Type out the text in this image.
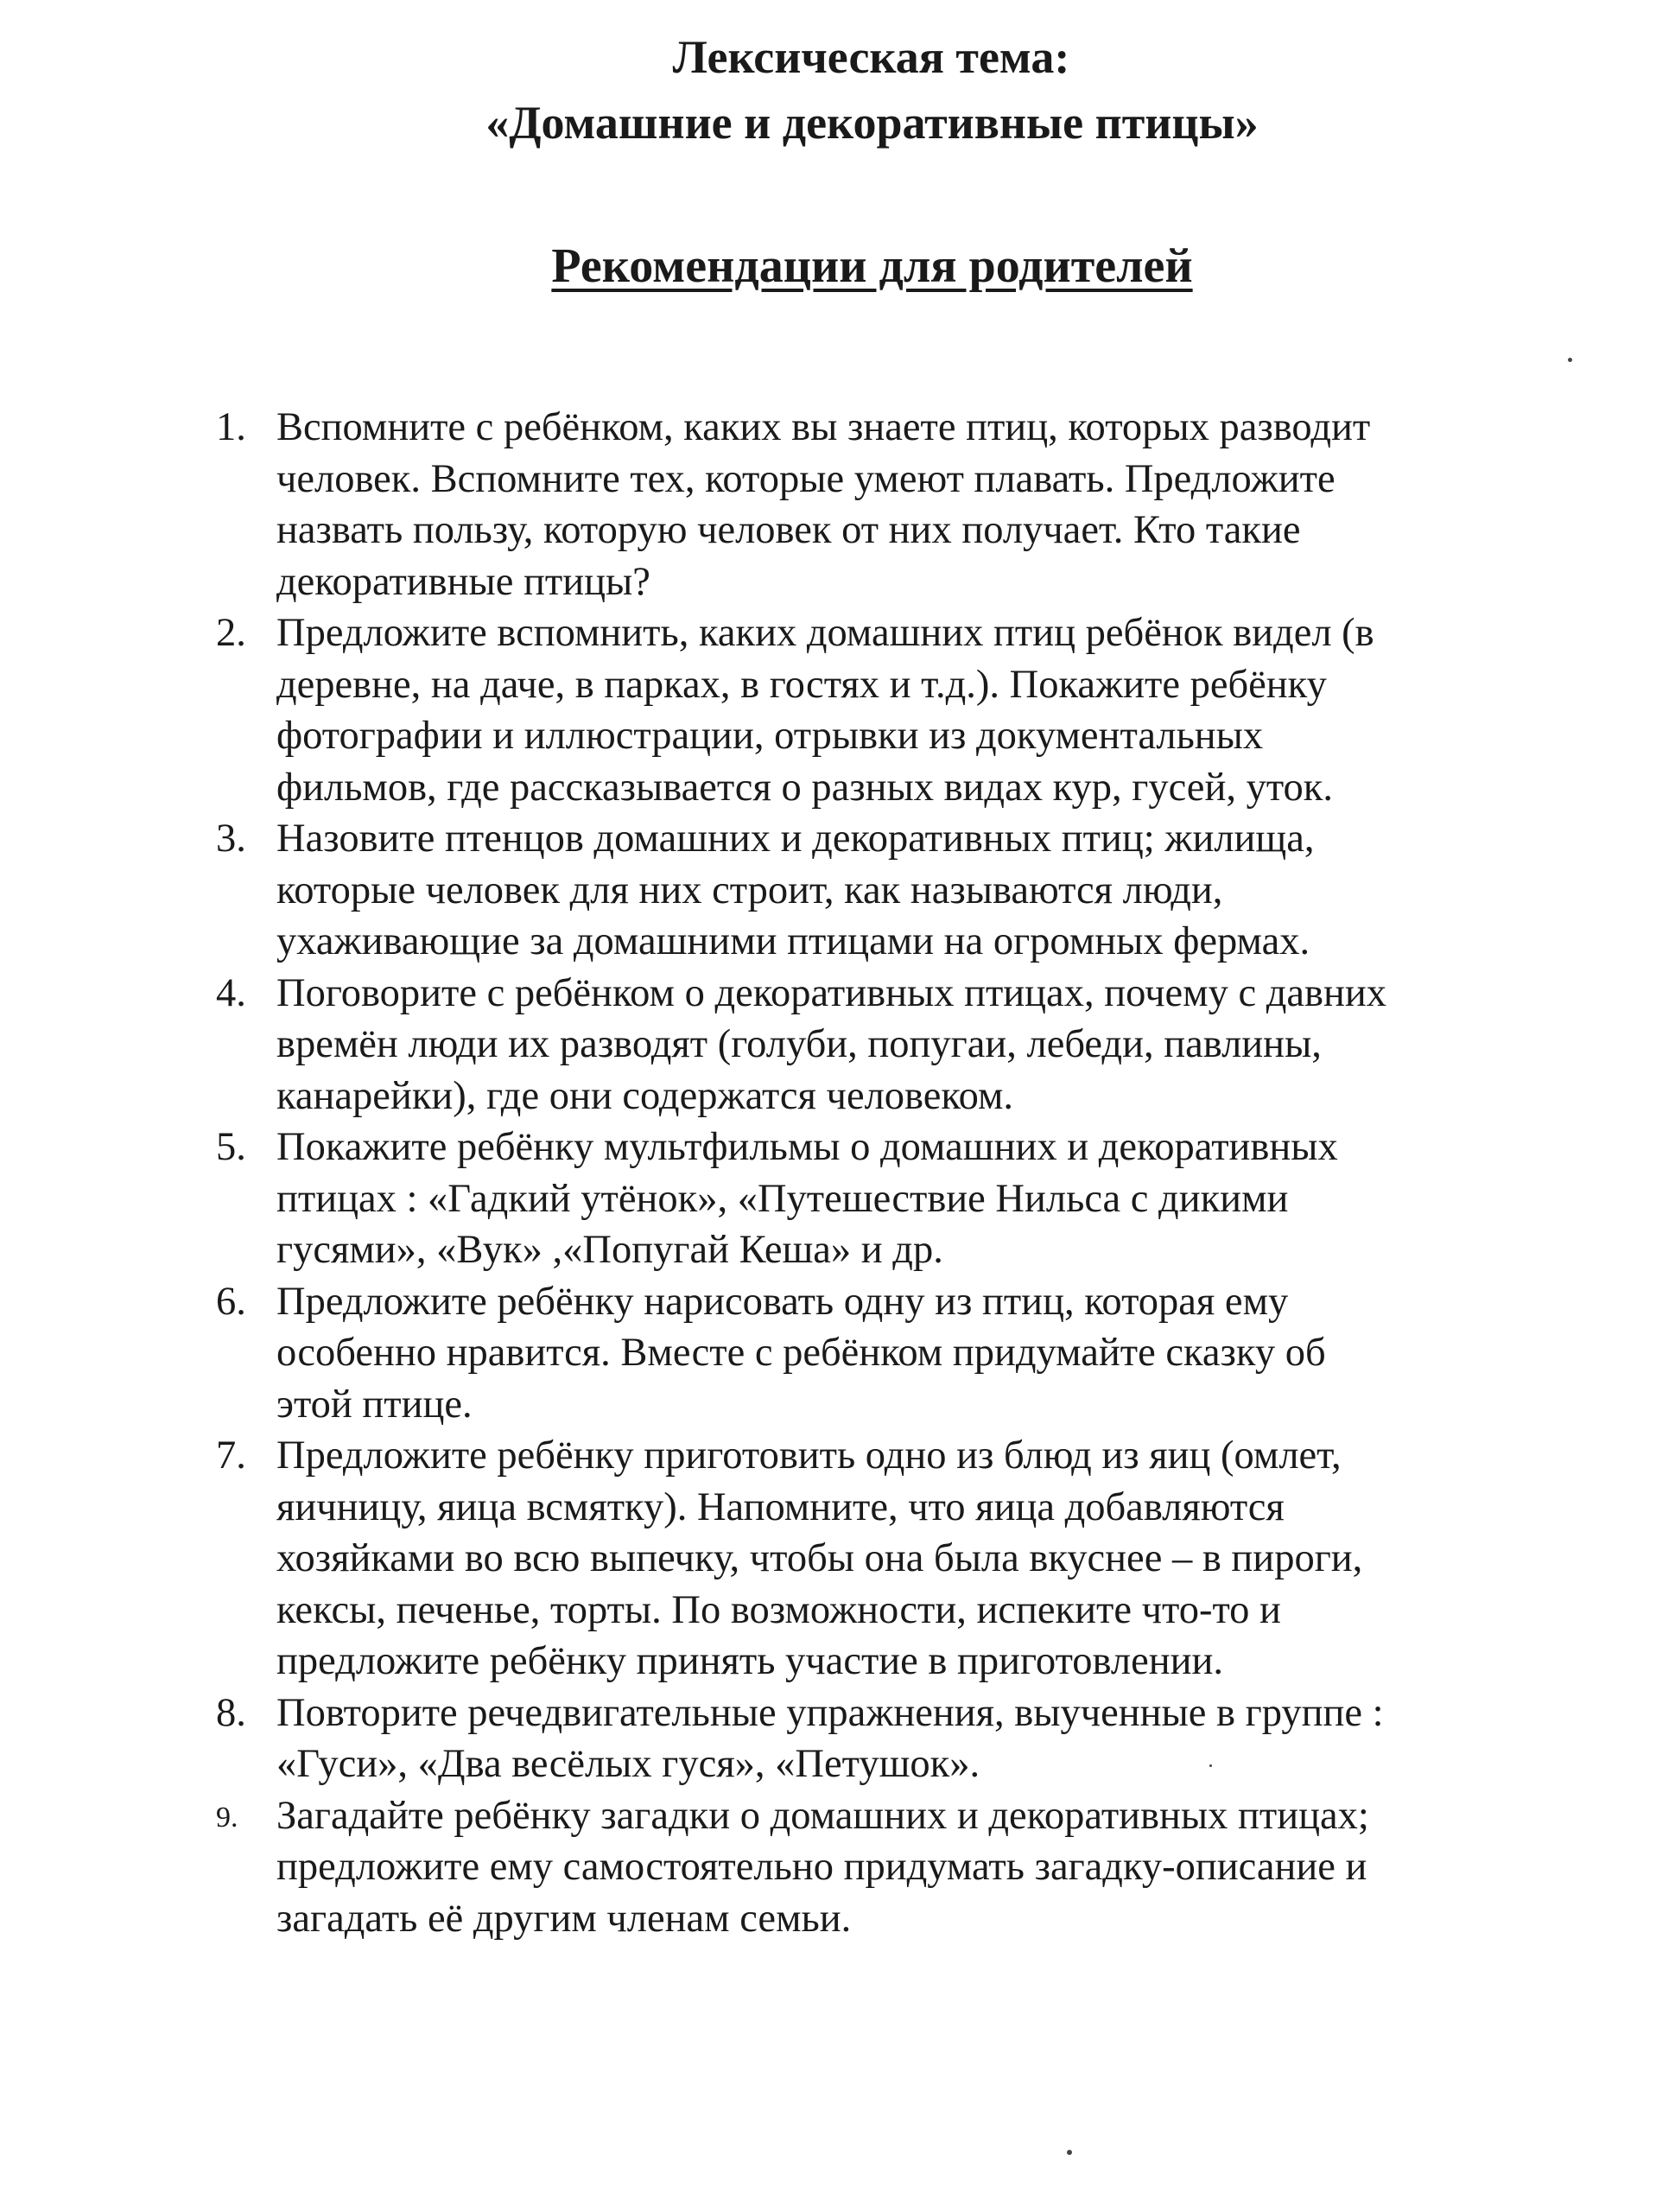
Лексическая тема:
«Домашние и декоративные птицы»
Рекомендации для родителей
1. Вспомните с ребёнком, каких вы знаете птиц, которых разводит
человек. Вспомните тех, которые умеют плавать. Предложите
назвать пользу, которую человек от них получает. Кто такие
декоративные птицы?
2. Предложите вспомнить, каких домашних птиц ребёнок видел (в
деревне, на даче, в парках, в гостях и т.д.). Покажите ребёнку
фотографии и иллюстрации, отрывки из документальных
фильмов, где рассказывается о разных видах кур, гусей, уток.
3. Назовите птенцов домашних и декоративных птиц; жилища,
которые человек для них строит, как называются люди,
ухаживающие за домашними птицами на огромных фермах.
4. Поговорите с ребёнком о декоративных птицах, почему с давних
времён люди их разводят (голуби, попугаи, лебеди, павлины,
канарейки), где они содержатся человеком.
5. Покажите ребёнку мультфильмы о домашних и декоративных
птицах : «Гадкий утёнок», «Путешествие Нильса с дикими
гусями», «Вук» ,«Попугай Кеша» и др.
6. Предложите ребёнку нарисовать одну из птиц, которая ему
особенно нравится. Вместе с ребёнком придумайте сказку об
этой птице.
7. Предложите ребёнку приготовить одно из блюд из яиц (омлет,
яичницу, яица всмятку). Напомните, что яица добавляются
хозяйками во всю выпечку, чтобы она была вкуснее – в пироги,
кексы, печенье, торты. По возможности, испеките что-то и
предложите ребёнку принять участие в приготовлении.
8. Повторите речедвигательные упражнения, выученные в группе :
«Гуси», «Два весёлых гуся», «Петушок».
9. Загадайте ребёнку загадки о домашних и декоративных птицах;
предложите ему самостоятельно придумать загадку-описание и
загадать её другим членам семьи.
